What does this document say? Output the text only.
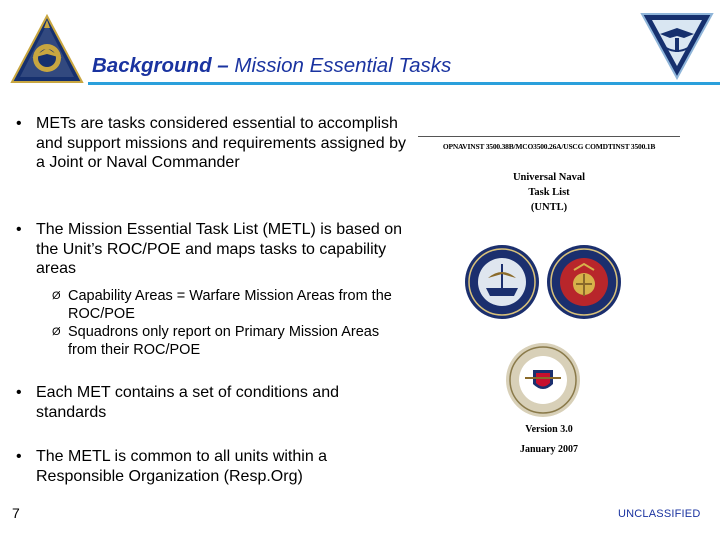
Background – Mission Essential Tasks
• METs are tasks considered essential to accomplish and support missions and requirements assigned by a Joint or Naval Commander
• The Mission Essential Task List (METL) is based on the Unit’s ROC/POE and maps tasks to capability areas
Ø Capability Areas = Warfare Mission Areas from the ROC/POE
Ø Squadrons only report on Primary Mission Areas from their ROC/POE
• Each MET contains a set of conditions and standards
• The METL is common to all units within a Responsible Organization (Resp.Org)
OPNAVINST 3500.38B/MCO3500.26A/USCG COMDTINST 3500.1B
Universal Naval
Task List
(UNTL)
Version 3.0
January 2007
7	UNCLASSIFIED
